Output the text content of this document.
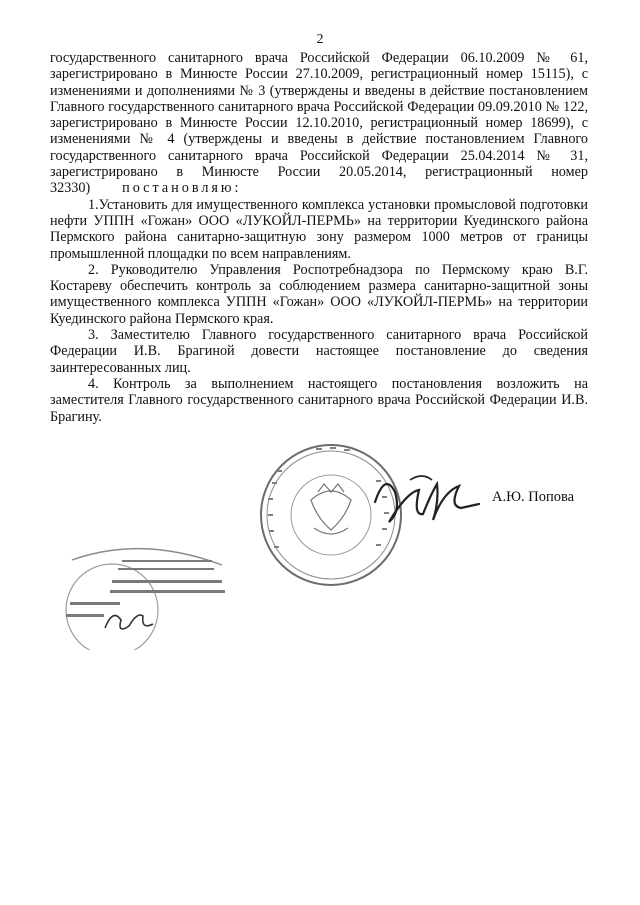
2

государственного санитарного врача Российской Федерации 06.10.2009 № 61, зарегистрировано в Минюсте России 27.10.2009, регистрационный номер 15115), с изменениями и дополнениями № 3 (утверждены и введены в действие постановлением Главного государственного санитарного врача Российской Федерации 09.09.2010 № 122, зарегистрировано в Минюсте России 12.10.2010, регистрационный номер 18699), с изменениями № 4 (утверждены и введены в действие постановлением Главного государственного санитарного врача Российской Федерации 25.04.2014 № 31, зарегистрировано в Минюсте России 20.05.2014, регистрационный номер 32330) постановляю:

1.Установить для имущественного комплекса установки промысловой подготовки нефти УППН «Гожан» ООО «ЛУКОЙЛ-ПЕРМЬ» на территории Куединского района Пермского района санитарно-защитную зону размером 1000 метров от границы промышленной площадки по всем направлениям.

2. Руководителю Управления Роспотребнадзора по Пермскому краю В.Г. Костареву обеспечить контроль за соблюдением размера санитарно-защитной зоны имущественного комплекса УППН «Гожан» ООО «ЛУКОЙЛ-ПЕРМЬ» на территории Куединского района Пермского края.

3. Заместителю Главного государственного санитарного врача Российской Федерации И.В. Брагиной довести настоящее постановление до сведения заинтересованных лиц.

4. Контроль за выполнением настоящего постановления возложить на заместителя Главного государственного санитарного врача Российской Федерации И.В. Брагину.

А.Ю. Попова
